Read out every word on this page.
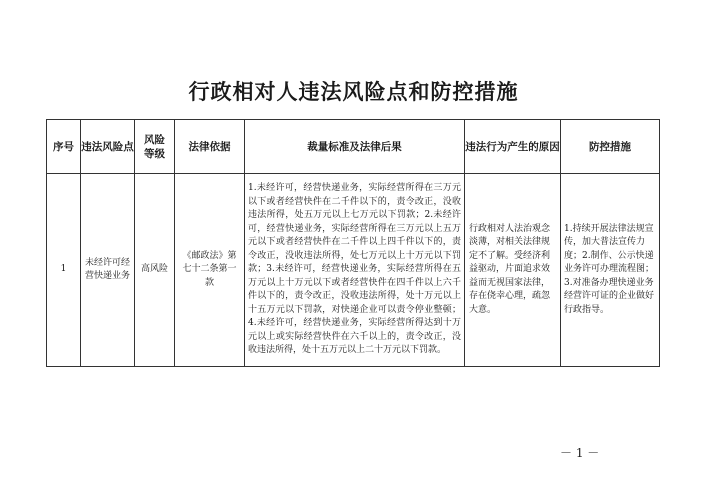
行政相对人违法风险点和防控措施
序号	违法风险点	风险等级	法律依据	裁量标准及法律后果	违法行为产生的原因	防控措施
1	未经许可经营快递业务	高风险	《邮政法》第七十二条第一款	1.未经许可，经营快递业务，实际经营所得在三万元以下或者经营快件在二千件以下的，责令改正，没收违法所得，处五万元以上七万元以下罚款；2.未经许可，经营快递业务，实际经营所得在三万元以上五万元以下或者经营快件在二千件以上四千件以下的，责令改正，没收违法所得，处七万元以上十万元以下罚款；3.未经许可，经营快递业务，实际经营所得在五万元以上十万元以下或者经营快件在四千件以上六千件以下的，责令改正，没收违法所得，处十万元以上十五万元以下罚款，对快递企业可以责令停业整顿；4.未经许可，经营快递业务，实际经营所得达到十万元以上或实际经营快件在六千以上的，责令改正，没收违法所得，处十五万元以上二十万元以下罚款。	行政相对人法治观念淡薄，对相关法律规定不了解。受经济利益驱动，片面追求效益而无视国家法律，存在侥幸心理，疏忽大意。	1.持续开展法律法规宣传，加大普法宣传力度；2.制作、公示快递业务许可办理流程图；3.对准备办理快递业务经营许可证的企业做好行政指导。
－ 1 －
